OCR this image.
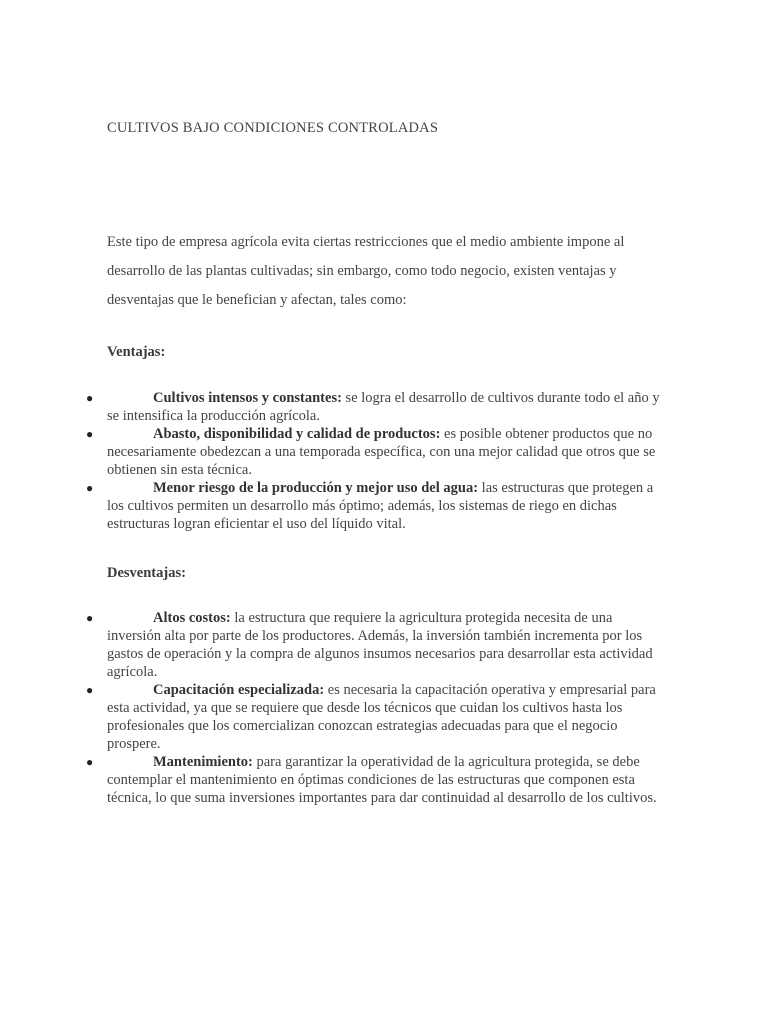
CULTIVOS BAJO CONDICIONES CONTROLADAS
Este tipo de empresa agrícola evita ciertas restricciones que el medio ambiente impone al desarrollo de las plantas cultivadas; sin embargo, como todo negocio, existen ventajas y desventajas que le benefician y afectan, tales como:
Ventajas:
●	Cultivos intensos y constantes: se logra el desarrollo de cultivos durante todo el año y se intensifica la producción agrícola.
●	Abasto, disponibilidad y calidad de productos: es posible obtener productos que no necesariamente obedezcan a una temporada específica, con una mejor calidad que otros que se obtienen sin esta técnica.
●	Menor riesgo de la producción y mejor uso del agua: las estructuras que protegen a los cultivos permiten un desarrollo más óptimo; además, los sistemas de riego en dichas estructuras logran eficientar el uso del líquido vital.
Desventajas:
●	Altos costos: la estructura que requiere la agricultura protegida necesita de una inversión alta por parte de los productores. Además, la inversión también incrementa por los gastos de operación y la compra de algunos insumos necesarios para desarrollar esta actividad agrícola.
●	Capacitación especializada: es necesaria la capacitación operativa y empresarial para esta actividad, ya que se requiere que desde los técnicos que cuidan los cultivos hasta los profesionales que los comercializan conozcan estrategias adecuadas para que el negocio prospere.
●	Mantenimiento: para garantizar la operatividad de la agricultura protegida, se debe contemplar el mantenimiento en óptimas condiciones de las estructuras que componen esta técnica, lo que suma inversiones importantes para dar continuidad al desarrollo de los cultivos.
